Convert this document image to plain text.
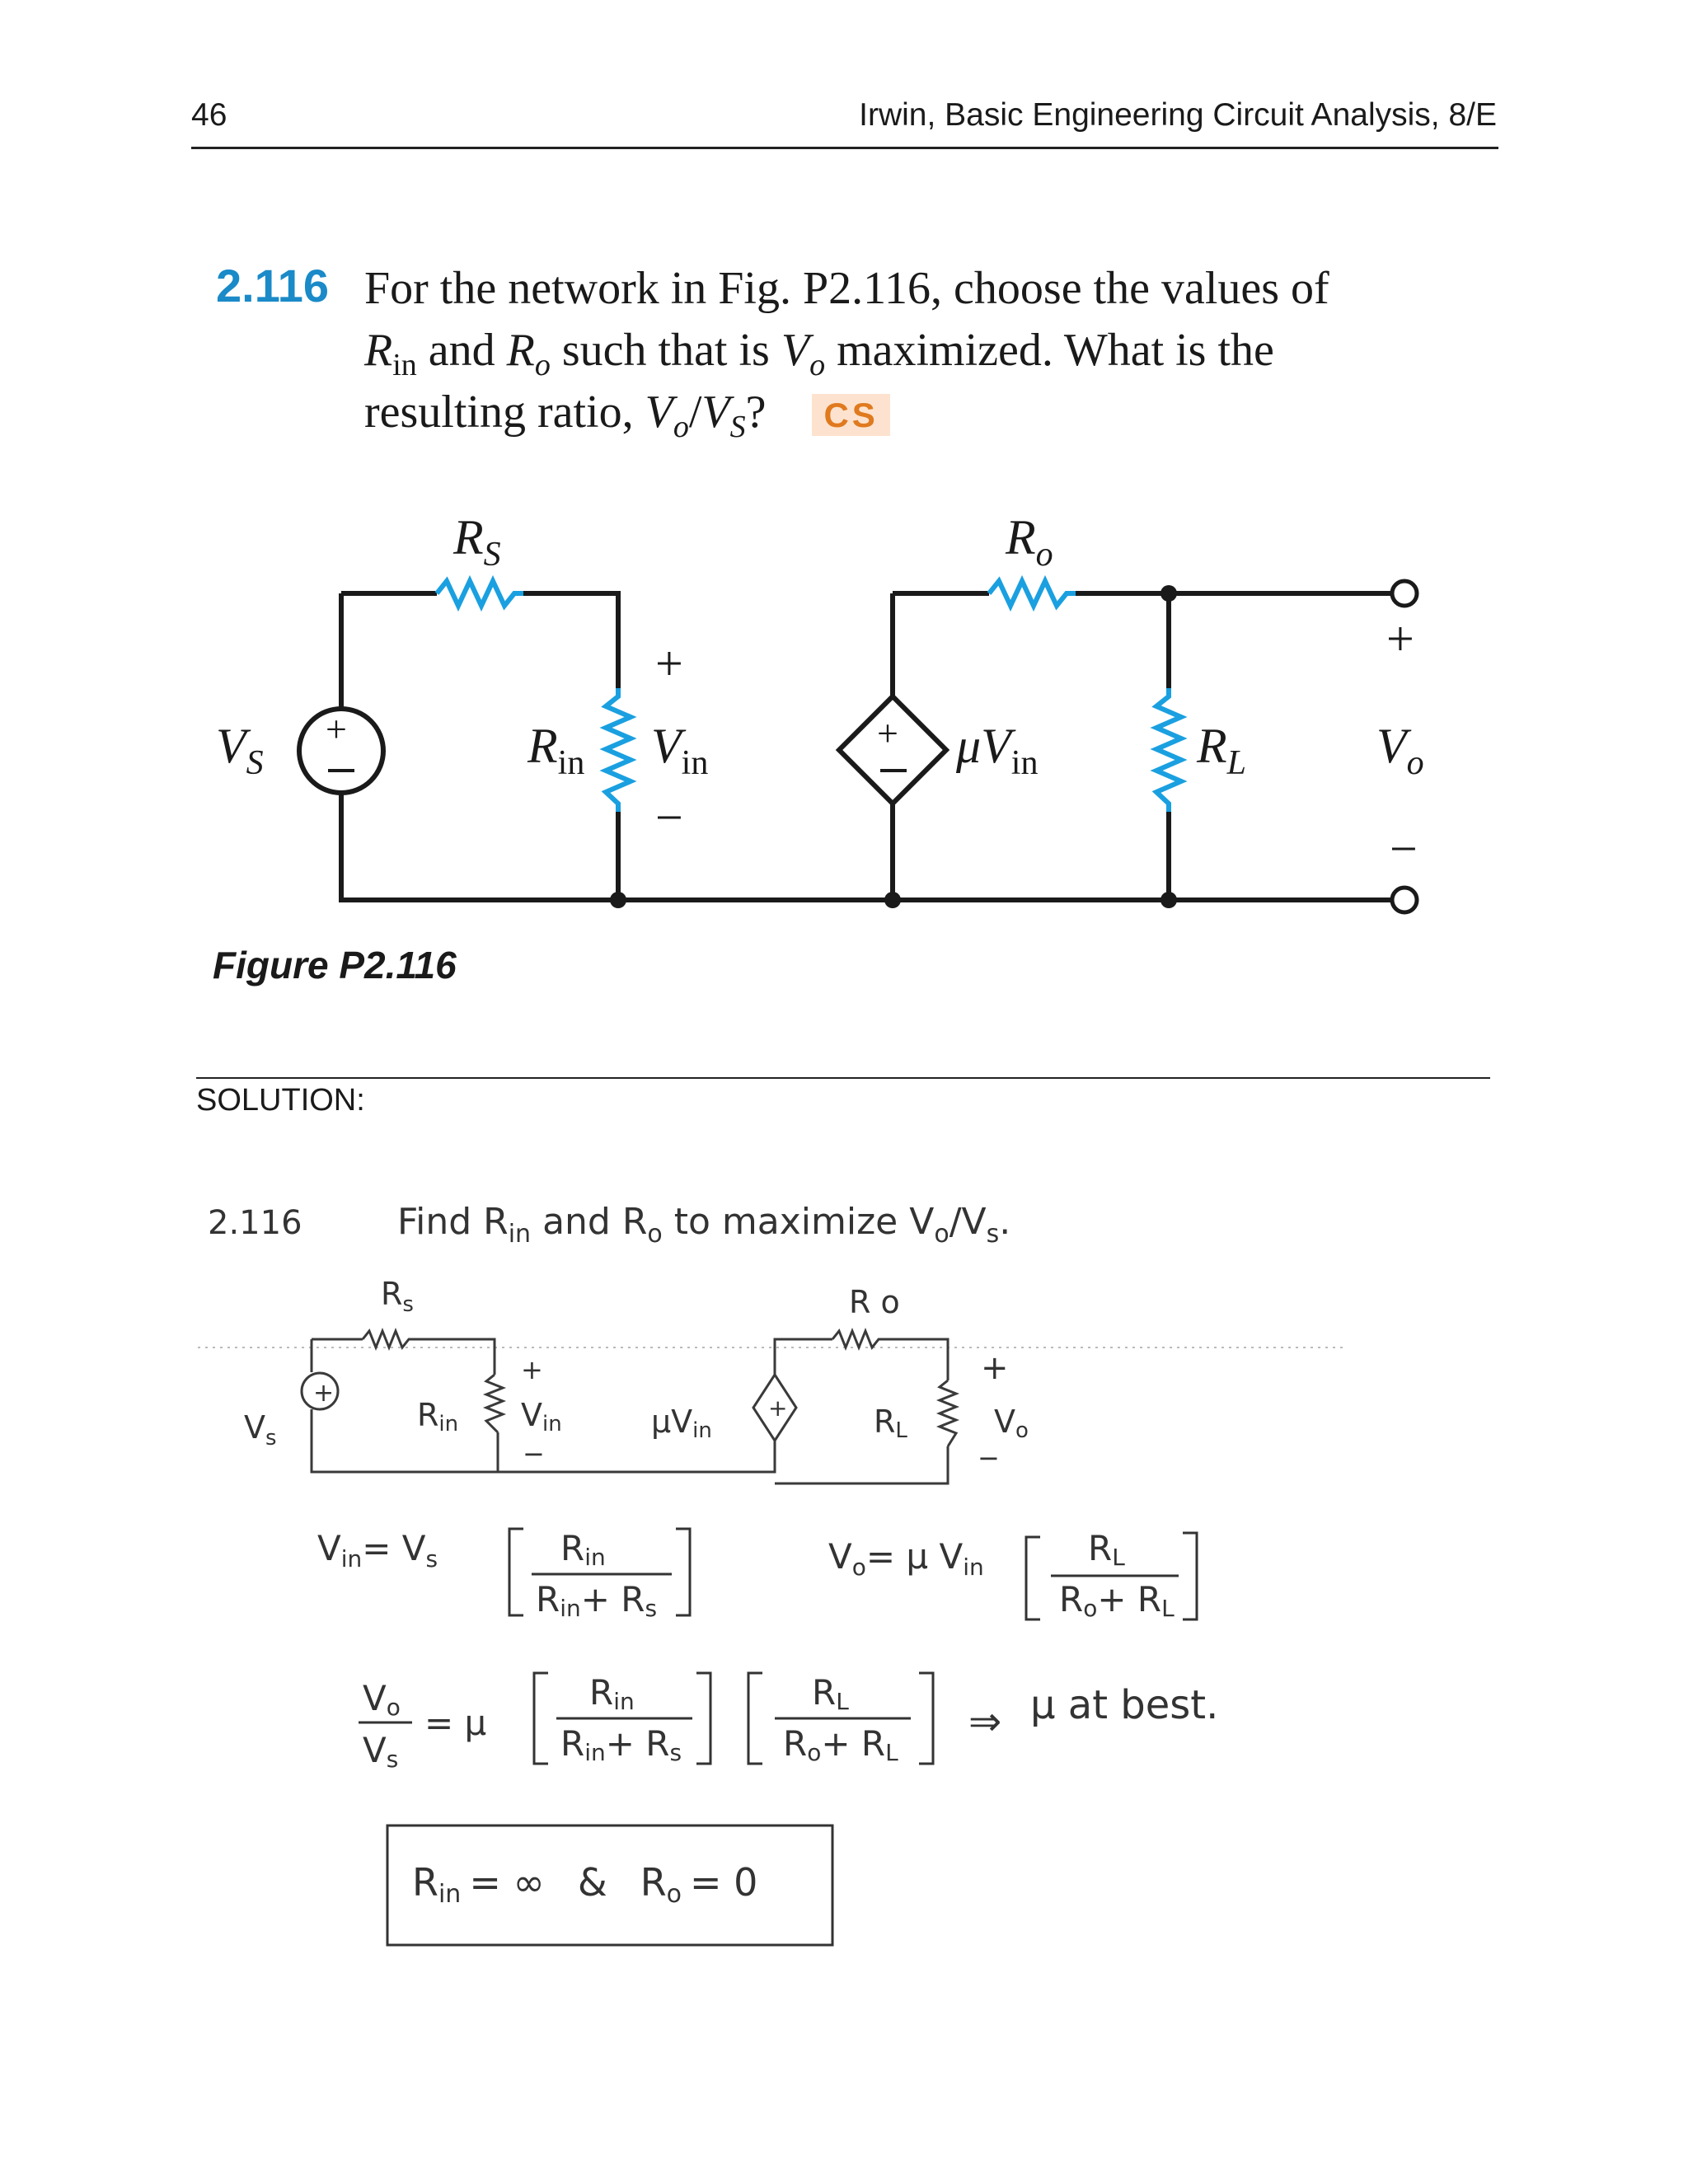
46	Irwin, Basic Engineering Circuit Analysis, 8/E
2.116 For the network in Fig. P2.116, choose the values of
$R_{in}$ and $R_o$ such that is $V_o$ maximized. What is the
resulting ratio, $V_o/V_S$?    CS
+	+
$R_S$	$R_o$
$V_S$	$R_{in}$ $V_{in}$
+
−
$\mu V_{in}$	$R_L$	$V_o$
+
−
Figure P2.116
SOLUTION:
2.116	Find $R_{in}$ and $R_o$ to maximize $V_o/V_s$.
+
+
$R_s$	R o
$V_s$
Rin Vin
+
−
μVin	RL
+
Vo
−
Vin= Vs	Rin
Rin+ Rs
Vo= μ Vin	RL
Ro+ RL
Vo
Vs
= μ
Rin
Rin+ Rs
RL
Ro+ RL
⇒ μ at best.
Rin = ∞ & Ro = 0
